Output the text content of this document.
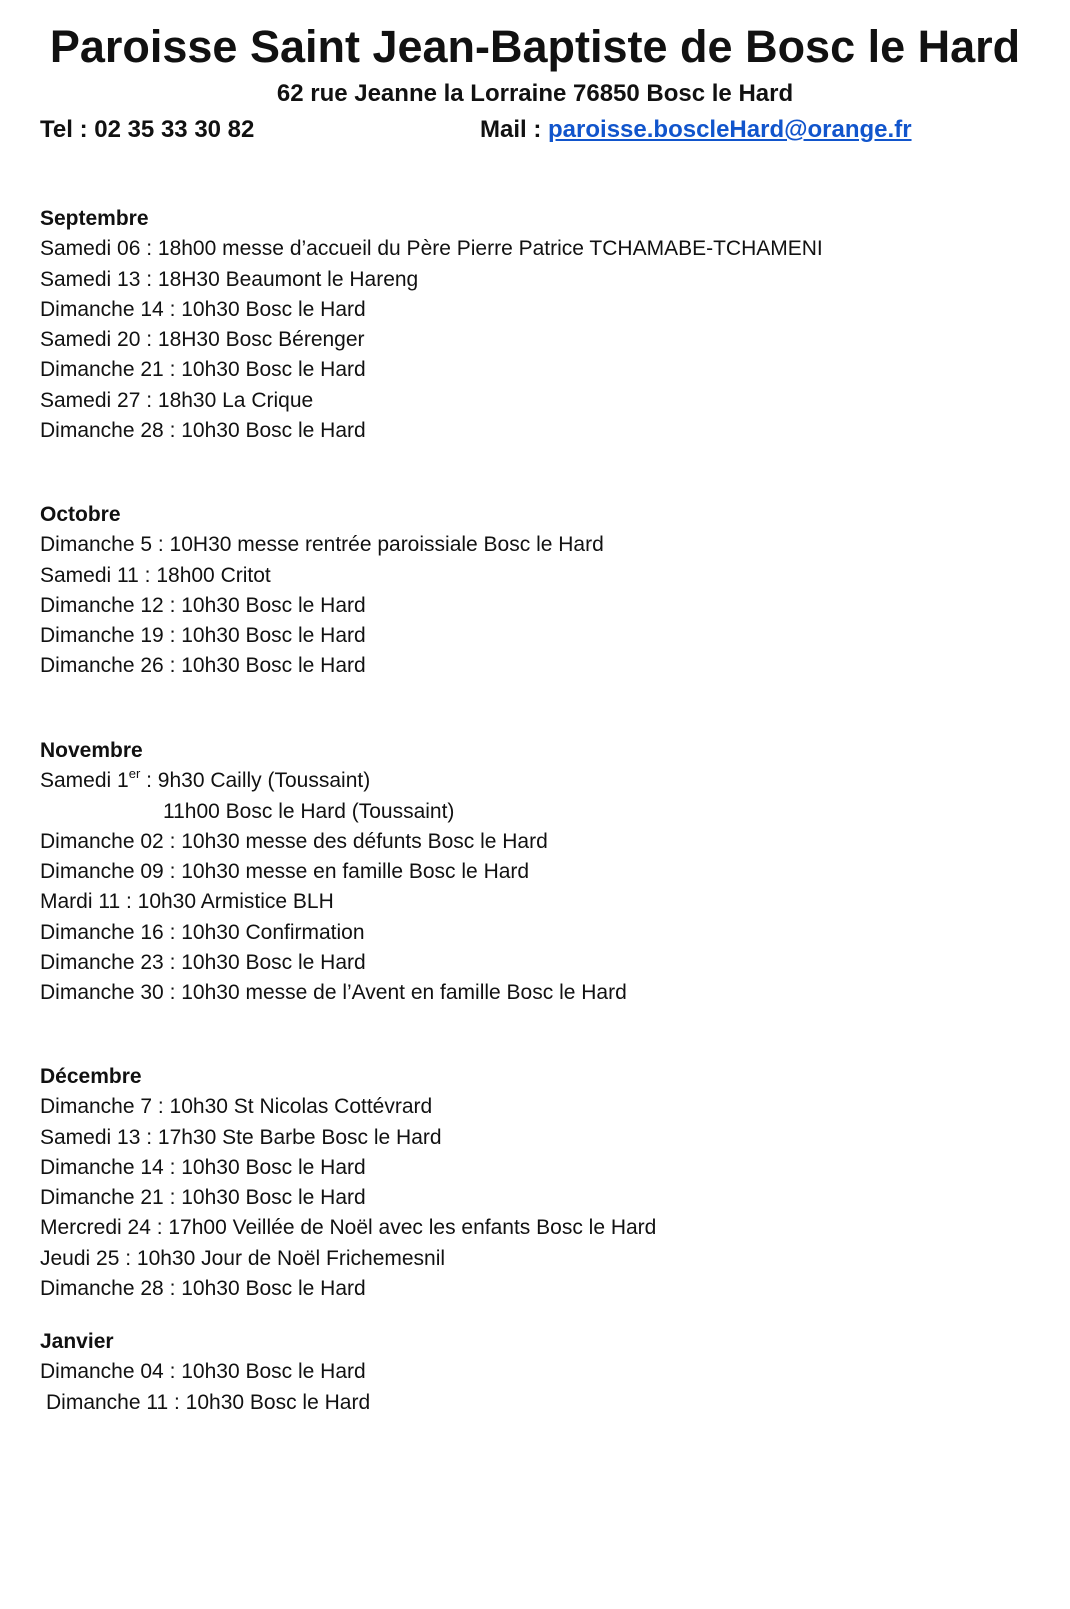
Paroisse Saint Jean-Baptiste de Bosc le Hard
62 rue Jeanne la Lorraine 76850 Bosc le Hard
Tel : 02 35 33 30 82	Mail : paroisse.boscleHard@orange.fr
Septembre
Samedi 06 : 18h00 messe d’accueil du Père Pierre Patrice TCHAMABE-TCHAMENI
Samedi 13 : 18H30 Beaumont le Hareng
Dimanche 14 : 10h30 Bosc le Hard
Samedi 20 : 18H30 Bosc Bérenger
Dimanche 21 : 10h30 Bosc le Hard
Samedi 27 : 18h30 La Crique
Dimanche 28 : 10h30 Bosc le Hard
Octobre
Dimanche 5 : 10H30 messe rentrée paroissiale Bosc le Hard
Samedi 11 : 18h00 Critot
Dimanche 12 : 10h30 Bosc le Hard
Dimanche 19 : 10h30 Bosc le Hard
Dimanche 26 : 10h30 Bosc le Hard
Novembre
Samedi 1er : 9h30 Cailly (Toussaint)
11h00 Bosc le Hard (Toussaint)
Dimanche 02 : 10h30 messe des défunts Bosc le Hard
Dimanche 09 : 10h30 messe en famille Bosc le Hard
Mardi 11 : 10h30 Armistice BLH
Dimanche 16 : 10h30 Confirmation
Dimanche 23 : 10h30 Bosc le Hard
Dimanche 30 : 10h30 messe de l’Avent en famille Bosc le Hard
Décembre
Dimanche 7 : 10h30 St Nicolas Cottévrard
Samedi 13 : 17h30 Ste Barbe Bosc le Hard
Dimanche 14 : 10h30 Bosc le Hard
Dimanche 21 : 10h30 Bosc le Hard
Mercredi 24 : 17h00 Veillée de Noël avec les enfants Bosc le Hard
Jeudi 25 : 10h30 Jour de Noël Frichemesnil
Dimanche 28 : 10h30 Bosc le Hard
Janvier
Dimanche 04 : 10h30 Bosc le Hard
Dimanche 11 : 10h30 Bosc le Hard
